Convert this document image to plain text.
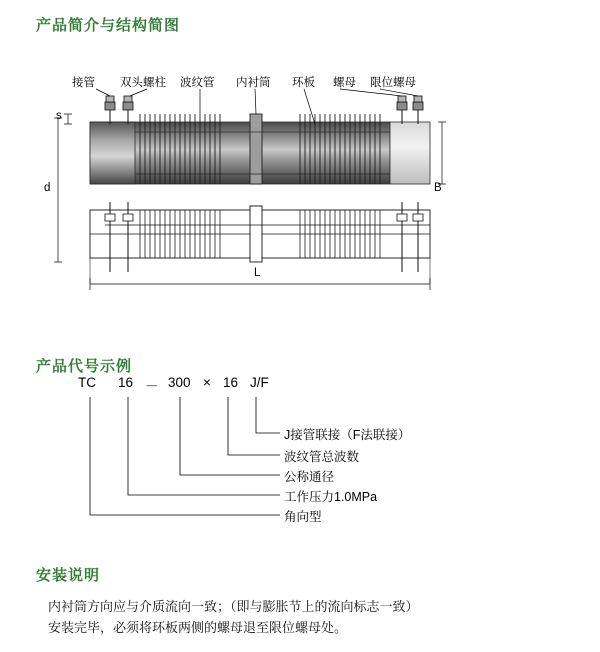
产品简介与结构简图
产品代号示例
安装说明
接管 双头螺柱 波纹管 内衬筒 环板 螺母 限位螺母
s
d	B
L
TC 16 － 300 × 16 J/F
J接管联接（F法联接）
波纹管总波数
公称通径
工作压力1.0MPa
角向型
内衬筒方向应与介质流向一致；（即与膨胀节上的流向标志一致）
安装完毕，必须将环板两侧的螺母退至限位螺母处。
